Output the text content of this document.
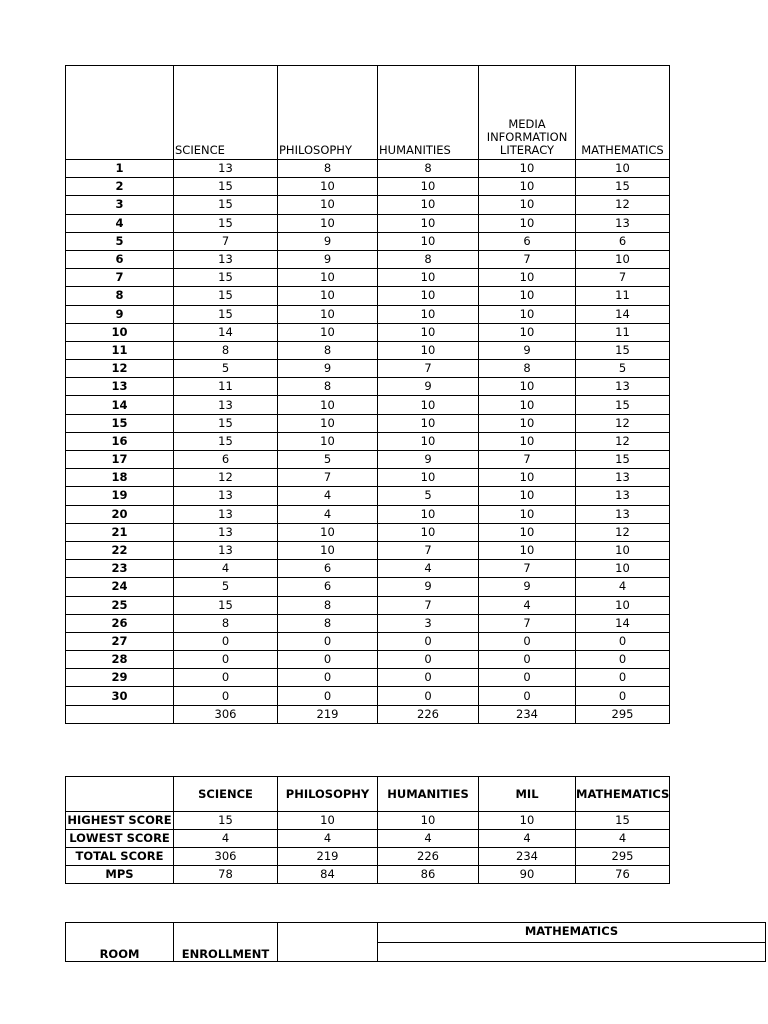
	SCIENCE	PHILOSOPHY	HUMANITIES	MEDIA INFORMATION LITERACY	MATHEMATICS
1	13	8	8	10	10
2	15	10	10	10	15
3	15	10	10	10	12
4	15	10	10	10	13
5	7	9	10	6	6
6	13	9	8	7	10
7	15	10	10	10	7
8	15	10	10	10	11
9	15	10	10	10	14
10	14	10	10	10	11
11	8	8	10	9	15
12	5	9	7	8	5
13	11	8	9	10	13
14	13	10	10	10	15
15	15	10	10	10	12
16	15	10	10	10	12
17	6	5	9	7	15
18	12	7	10	10	13
19	13	4	5	10	13
20	13	4	10	10	13
21	13	10	10	10	12
22	13	10	7	10	10
23	4	6	4	7	10
24	5	6	9	9	4
25	15	8	7	4	10
26	8	8	3	7	14
27	0	0	0	0	0
28	0	0	0	0	0
29	0	0	0	0	0
30	0	0	0	0	0
	306	219	226	234	295
	SCIENCE	PHILOSOPHY	HUMANITIES	MIL	MATHEMATICS
HIGHEST SCORE	15	10	10	10	15
LOWEST SCORE	4	4	4	4	4
TOTAL SCORE	306	219	226	234	295
MPS	78	84	86	90	76
ROOM	ENROLLMENT		MATHEMATICS
